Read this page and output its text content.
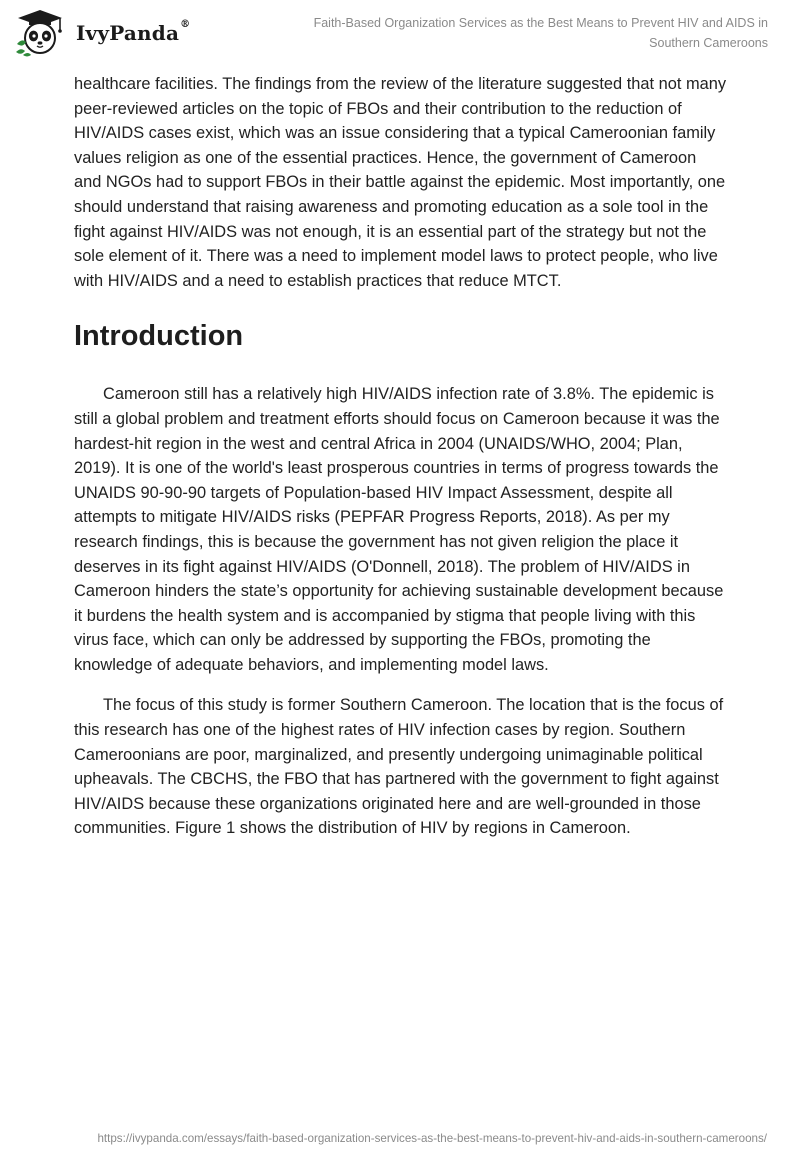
IvyPanda®	Faith-Based Organization Services as the Best Means to Prevent HIV and AIDS in Southern Cameroons

healthcare facilities. The findings from the review of the literature suggested that not many peer-reviewed articles on the topic of FBOs and their contribution to the reduction of HIV/AIDS cases exist, which was an issue considering that a typical Cameroonian family values religion as one of the essential practices. Hence, the government of Cameroon and NGOs had to support FBOs in their battle against the epidemic. Most importantly, one should understand that raising awareness and promoting education as a sole tool in the fight against HIV/AIDS was not enough, it is an essential part of the strategy but not the sole element of it. There was a need to implement model laws to protect people, who live with HIV/AIDS and a need to establish practices that reduce MTCT.

Introduction

Cameroon still has a relatively high HIV/AIDS infection rate of 3.8%. The epidemic is still a global problem and treatment efforts should focus on Cameroon because it was the hardest-hit region in the west and central Africa in 2004 (UNAIDS/WHO, 2004; Plan, 2019). It is one of the world's least prosperous countries in terms of progress towards the UNAIDS 90-90-90 targets of Population-based HIV Impact Assessment, despite all attempts to mitigate HIV/AIDS risks (PEPFAR Progress Reports, 2018). As per my research findings, this is because the government has not given religion the place it deserves in its fight against HIV/AIDS (O'Donnell, 2018). The problem of HIV/AIDS in Cameroon hinders the state’s opportunity for achieving sustainable development because it burdens the health system and is accompanied by stigma that people living with this virus face, which can only be addressed by supporting the FBOs, promoting the knowledge of adequate behaviors, and implementing model laws.

The focus of this study is former Southern Cameroon. The location that is the focus of this research has one of the highest rates of HIV infection cases by region. Southern Cameroonians are poor, marginalized, and presently undergoing unimaginable political upheavals. The CBCHS, the FBO that has partnered with the government to fight against HIV/AIDS because these organizations originated here and are well-grounded in those communities. Figure 1 shows the distribution of HIV by regions in Cameroon.

https://ivypanda.com/essays/faith-based-organization-services-as-the-best-means-to-prevent-hiv-and-aids-in-southern-cameroons/
